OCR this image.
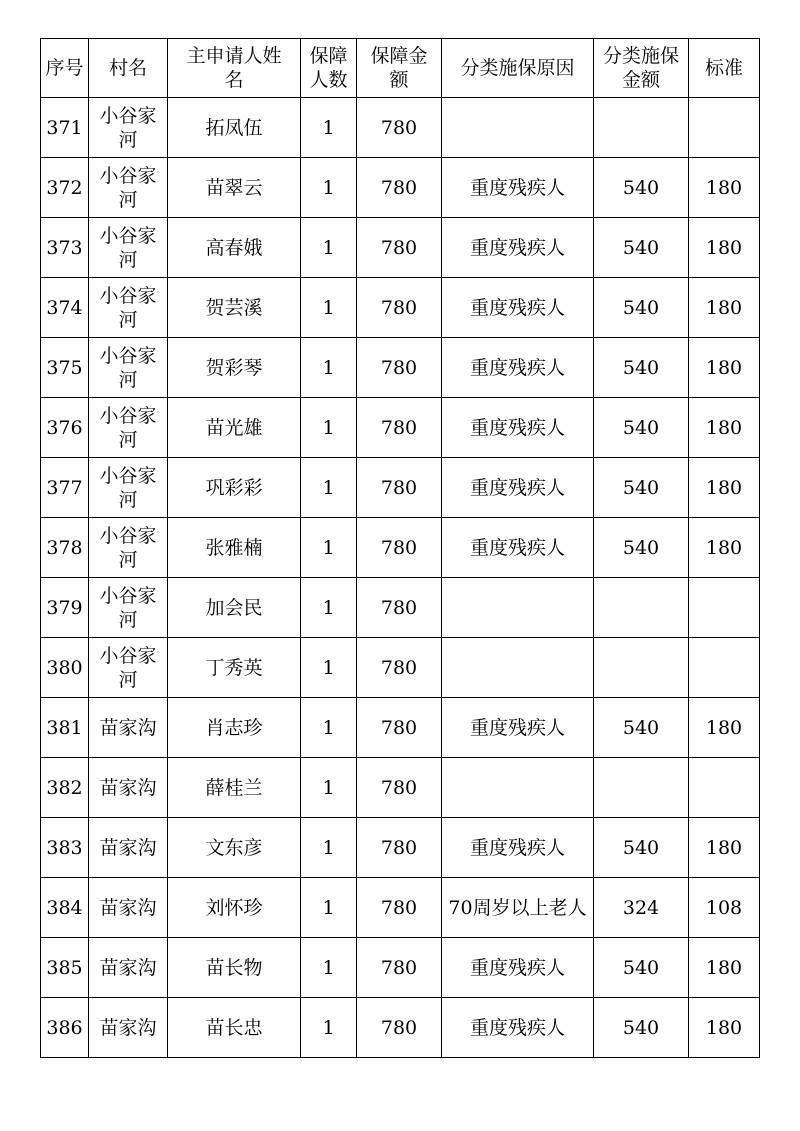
序号	村名	主申请人姓名	保障人数	保障金额	分类施保原因	分类施保金额	标准
371	小谷家河	拓凤伍	1	780			
372	小谷家河	苗翠云	1	780	重度残疾人	540	180
373	小谷家河	高春娥	1	780	重度残疾人	540	180
374	小谷家河	贺芸溪	1	780	重度残疾人	540	180
375	小谷家河	贺彩琴	1	780	重度残疾人	540	180
376	小谷家河	苗光雄	1	780	重度残疾人	540	180
377	小谷家河	巩彩彩	1	780	重度残疾人	540	180
378	小谷家河	张雅楠	1	780	重度残疾人	540	180
379	小谷家河	加会民	1	780			
380	小谷家河	丁秀英	1	780			
381	苗家沟	肖志珍	1	780	重度残疾人	540	180
382	苗家沟	薛桂兰	1	780			
383	苗家沟	文东彦	1	780	重度残疾人	540	180
384	苗家沟	刘怀珍	1	780	70周岁以上老人	324	108
385	苗家沟	苗长物	1	780	重度残疾人	540	180
386	苗家沟	苗长忠	1	780	重度残疾人	540	180
